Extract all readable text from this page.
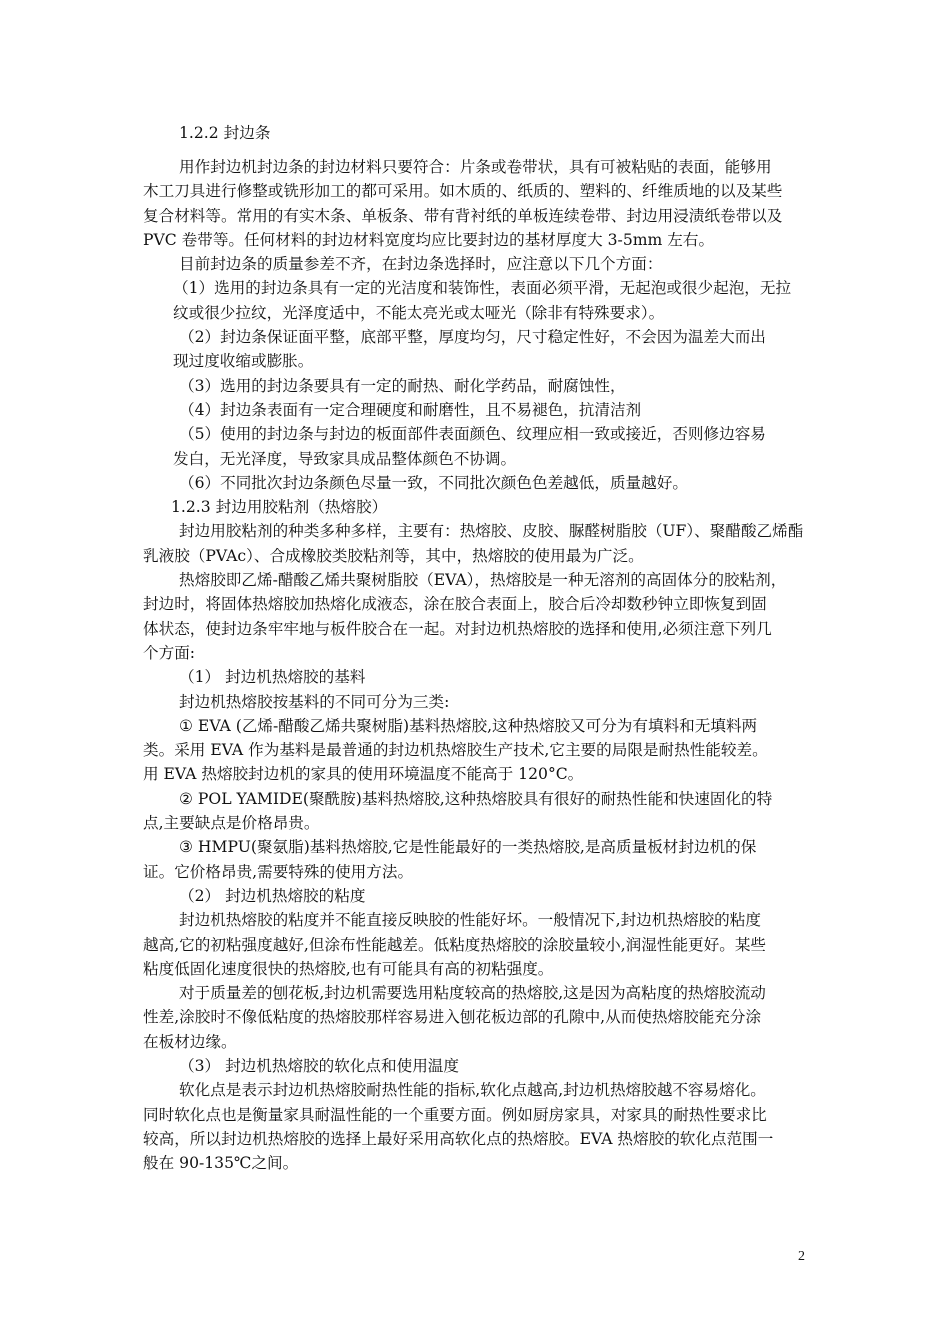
1.2.2 封边条
用作封边机封边条的封边材料只要符合：片条或卷带状，具有可被粘贴的表面，能够用
木工刀具进行修整或铣形加工的都可采用。如木质的、纸质的、塑料的、纤维质地的以及某些
复合材料等。常用的有实木条、单板条、带有背衬纸的单板连续卷带、封边用浸渍纸卷带以及
PVC 卷带等。任何材料的封边材料宽度均应比要封边的基材厚度大 3-5mm 左右。
目前封边条的质量参差不齐，在封边条选择时，应注意以下几个方面：
（1）选用的封边条具有一定的光洁度和装饰性，表面必须平滑，无起泡或很少起泡，无拉
纹或很少拉纹，光泽度适中，不能太亮光或太哑光（除非有特殊要求）。
（2）封边条保证面平整，底部平整，厚度均匀，尺寸稳定性好，不会因为温差大而出
现过度收缩或膨胀。
（3）选用的封边条要具有一定的耐热、耐化学药品，耐腐蚀性，
（4）封边条表面有一定合理硬度和耐磨性，且不易褪色，抗清洁剂
（5）使用的封边条与封边的板面部件表面颜色、纹理应相一致或接近，否则修边容易
发白，无光泽度，导致家具成品整体颜色不协调。
（6）不同批次封边条颜色尽量一致，不同批次颜色色差越低，质量越好。
1.2.3 封边用胶粘剂（热熔胶）
封边用胶粘剂的种类多种多样，主要有：热熔胶、皮胶、脲醛树脂胶（UF）、聚醋酸乙烯酯
乳液胶（PVAc）、合成橡胶类胶粘剂等，其中，热熔胶的使用最为广泛。
热熔胶即乙烯-醋酸乙烯共聚树脂胶（EVA），热熔胶是一种无溶剂的高固体分的胶粘剂，
封边时，将固体热熔胶加热熔化成液态，涂在胶合表面上，胶合后冷却数秒钟立即恢复到固
体状态，使封边条牢牢地与板件胶合在一起。对封边机热熔胶的选择和使用,必须注意下列几
个方面:
（1） 封边机热熔胶的基料
封边机热熔胶按基料的不同可分为三类:
① EVA (乙烯-醋酸乙烯共聚树脂)基料热熔胶,这种热熔胶又可分为有填料和无填料两
类。采用 EVA 作为基料是最普通的封边机热熔胶生产技术,它主要的局限是耐热性能较差。
用 EVA 热熔胶封边机的家具的使用环境温度不能高于 120°C。
② POL YAMIDE(聚酰胺)基料热熔胶,这种热熔胶具有很好的耐热性能和快速固化的特
点,主要缺点是价格昂贵。
③ HMPU(聚氨脂)基料热熔胶,它是性能最好的一类热熔胶,是高质量板材封边机的保
证。它价格昂贵,需要特殊的使用方法。
（2） 封边机热熔胶的粘度
封边机热熔胶的粘度并不能直接反映胶的性能好坏。一般情况下,封边机热熔胶的粘度
越高,它的初粘强度越好,但涂布性能越差。低粘度热熔胶的涂胶量较小,润湿性能更好。某些
粘度低固化速度很快的热熔胶,也有可能具有高的初粘强度。
对于质量差的刨花板,封边机需要选用粘度较高的热熔胶,这是因为高粘度的热熔胶流动
性差,涂胶时不像低粘度的热熔胶那样容易进入刨花板边部的孔隙中,从而使热熔胶能充分涂
在板材边缘。
（3） 封边机热熔胶的软化点和使用温度
软化点是表示封边机热熔胶耐热性能的指标,软化点越高,封边机热熔胶越不容易熔化。
同时软化点也是衡量家具耐温性能的一个重要方面。例如厨房家具，对家具的耐热性要求比
较高，所以封边机热熔胶的选择上最好采用高软化点的热熔胶。EVA 热熔胶的软化点范围一
般在 90-135℃之间。
2
